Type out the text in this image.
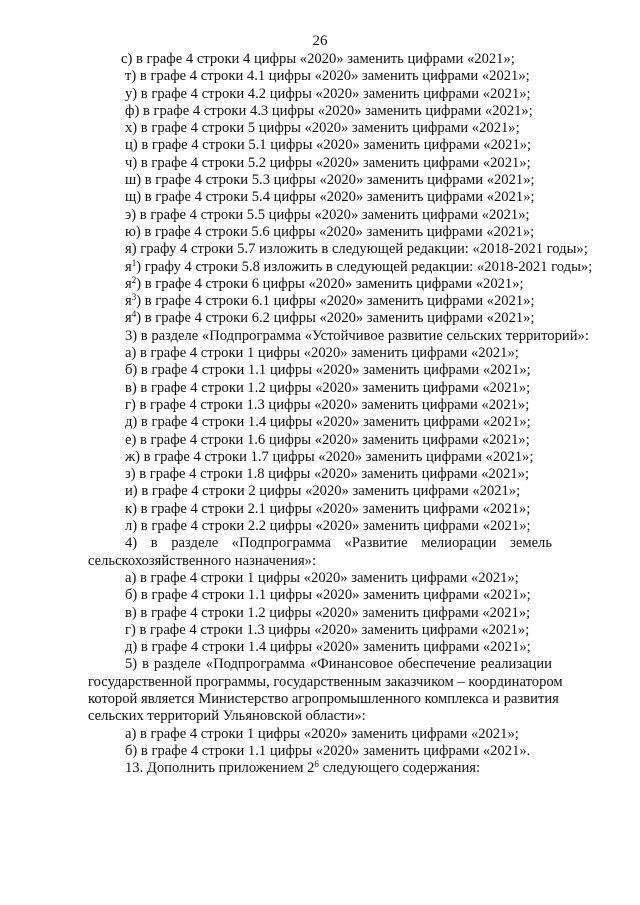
26
с) в графе 4 строки 4 цифры «2020» заменить цифрами «2021»;
т) в графе 4 строки 4.1 цифры «2020» заменить цифрами «2021»;
у) в графе 4 строки 4.2 цифры «2020» заменить цифрами «2021»;
ф) в графе 4 строки 4.3 цифры «2020» заменить цифрами «2021»;
х) в графе 4 строки 5 цифры «2020» заменить цифрами «2021»;
ц) в графе 4 строки 5.1 цифры «2020» заменить цифрами «2021»;
ч) в графе 4 строки 5.2 цифры «2020» заменить цифрами «2021»;
ш) в графе 4 строки 5.3 цифры «2020» заменить цифрами «2021»;
щ) в графе 4 строки 5.4 цифры «2020» заменить цифрами «2021»;
э) в графе 4 строки 5.5 цифры «2020» заменить цифрами «2021»;
ю) в графе 4 строки 5.6 цифры «2020» заменить цифрами «2021»;
я) графу 4 строки 5.7 изложить в следующей редакции: «2018-2021 годы»;
$я^1$) графу 4 строки 5.8 изложить в следующей редакции: «2018-2021 годы»;
$я^2$) в графе 4 строки 6 цифры «2020» заменить цифрами «2021»;
$я^3$) в графе 4 строки 6.1 цифры «2020» заменить цифрами «2021»;
$я^4$) в графе 4 строки 6.2 цифры «2020» заменить цифрами «2021»;
3) в разделе «Подпрограмма «Устойчивое развитие сельских территорий»:
а) в графе 4 строки 1 цифры «2020» заменить цифрами «2021»;
б) в графе 4 строки 1.1 цифры «2020» заменить цифрами «2021»;
в) в графе 4 строки 1.2 цифры «2020» заменить цифрами «2021»;
г) в графе 4 строки 1.3 цифры «2020» заменить цифрами «2021»;
д) в графе 4 строки 1.4 цифры «2020» заменить цифрами «2021»;
е) в графе 4 строки 1.6 цифры «2020» заменить цифрами «2021»;
ж) в графе 4 строки 1.7 цифры «2020» заменить цифрами «2021»;
з) в графе 4 строки 1.8 цифры «2020» заменить цифрами «2021»;
и) в графе 4 строки 2 цифры «2020» заменить цифрами «2021»;
к) в графе 4 строки 2.1 цифры «2020» заменить цифрами «2021»;
л) в графе 4 строки 2.2 цифры «2020» заменить цифрами «2021»;
4) в разделе «Подпрограмма «Развитие мелиорации земель
сельскохозяйственного назначения»:
а) в графе 4 строки 1 цифры «2020» заменить цифрами «2021»;
б) в графе 4 строки 1.1 цифры «2020» заменить цифрами «2021»;
в) в графе 4 строки 1.2 цифры «2020» заменить цифрами «2021»;
г) в графе 4 строки 1.3 цифры «2020» заменить цифрами «2021»;
д) в графе 4 строки 1.4 цифры «2020» заменить цифрами «2021»;
5) в разделе «Подпрограмма «Финансовое обеспечение реализации
государственной программы, государственным заказчиком – координатором
которой является Министерство агропромышленного комплекса и развития
сельских территорий Ульяновской области»:
а) в графе 4 строки 1 цифры «2020» заменить цифрами «2021»;
б) в графе 4 строки 1.1 цифры «2020» заменить цифрами «2021».
13. Дополнить приложением $2^6$ следующего содержания:
